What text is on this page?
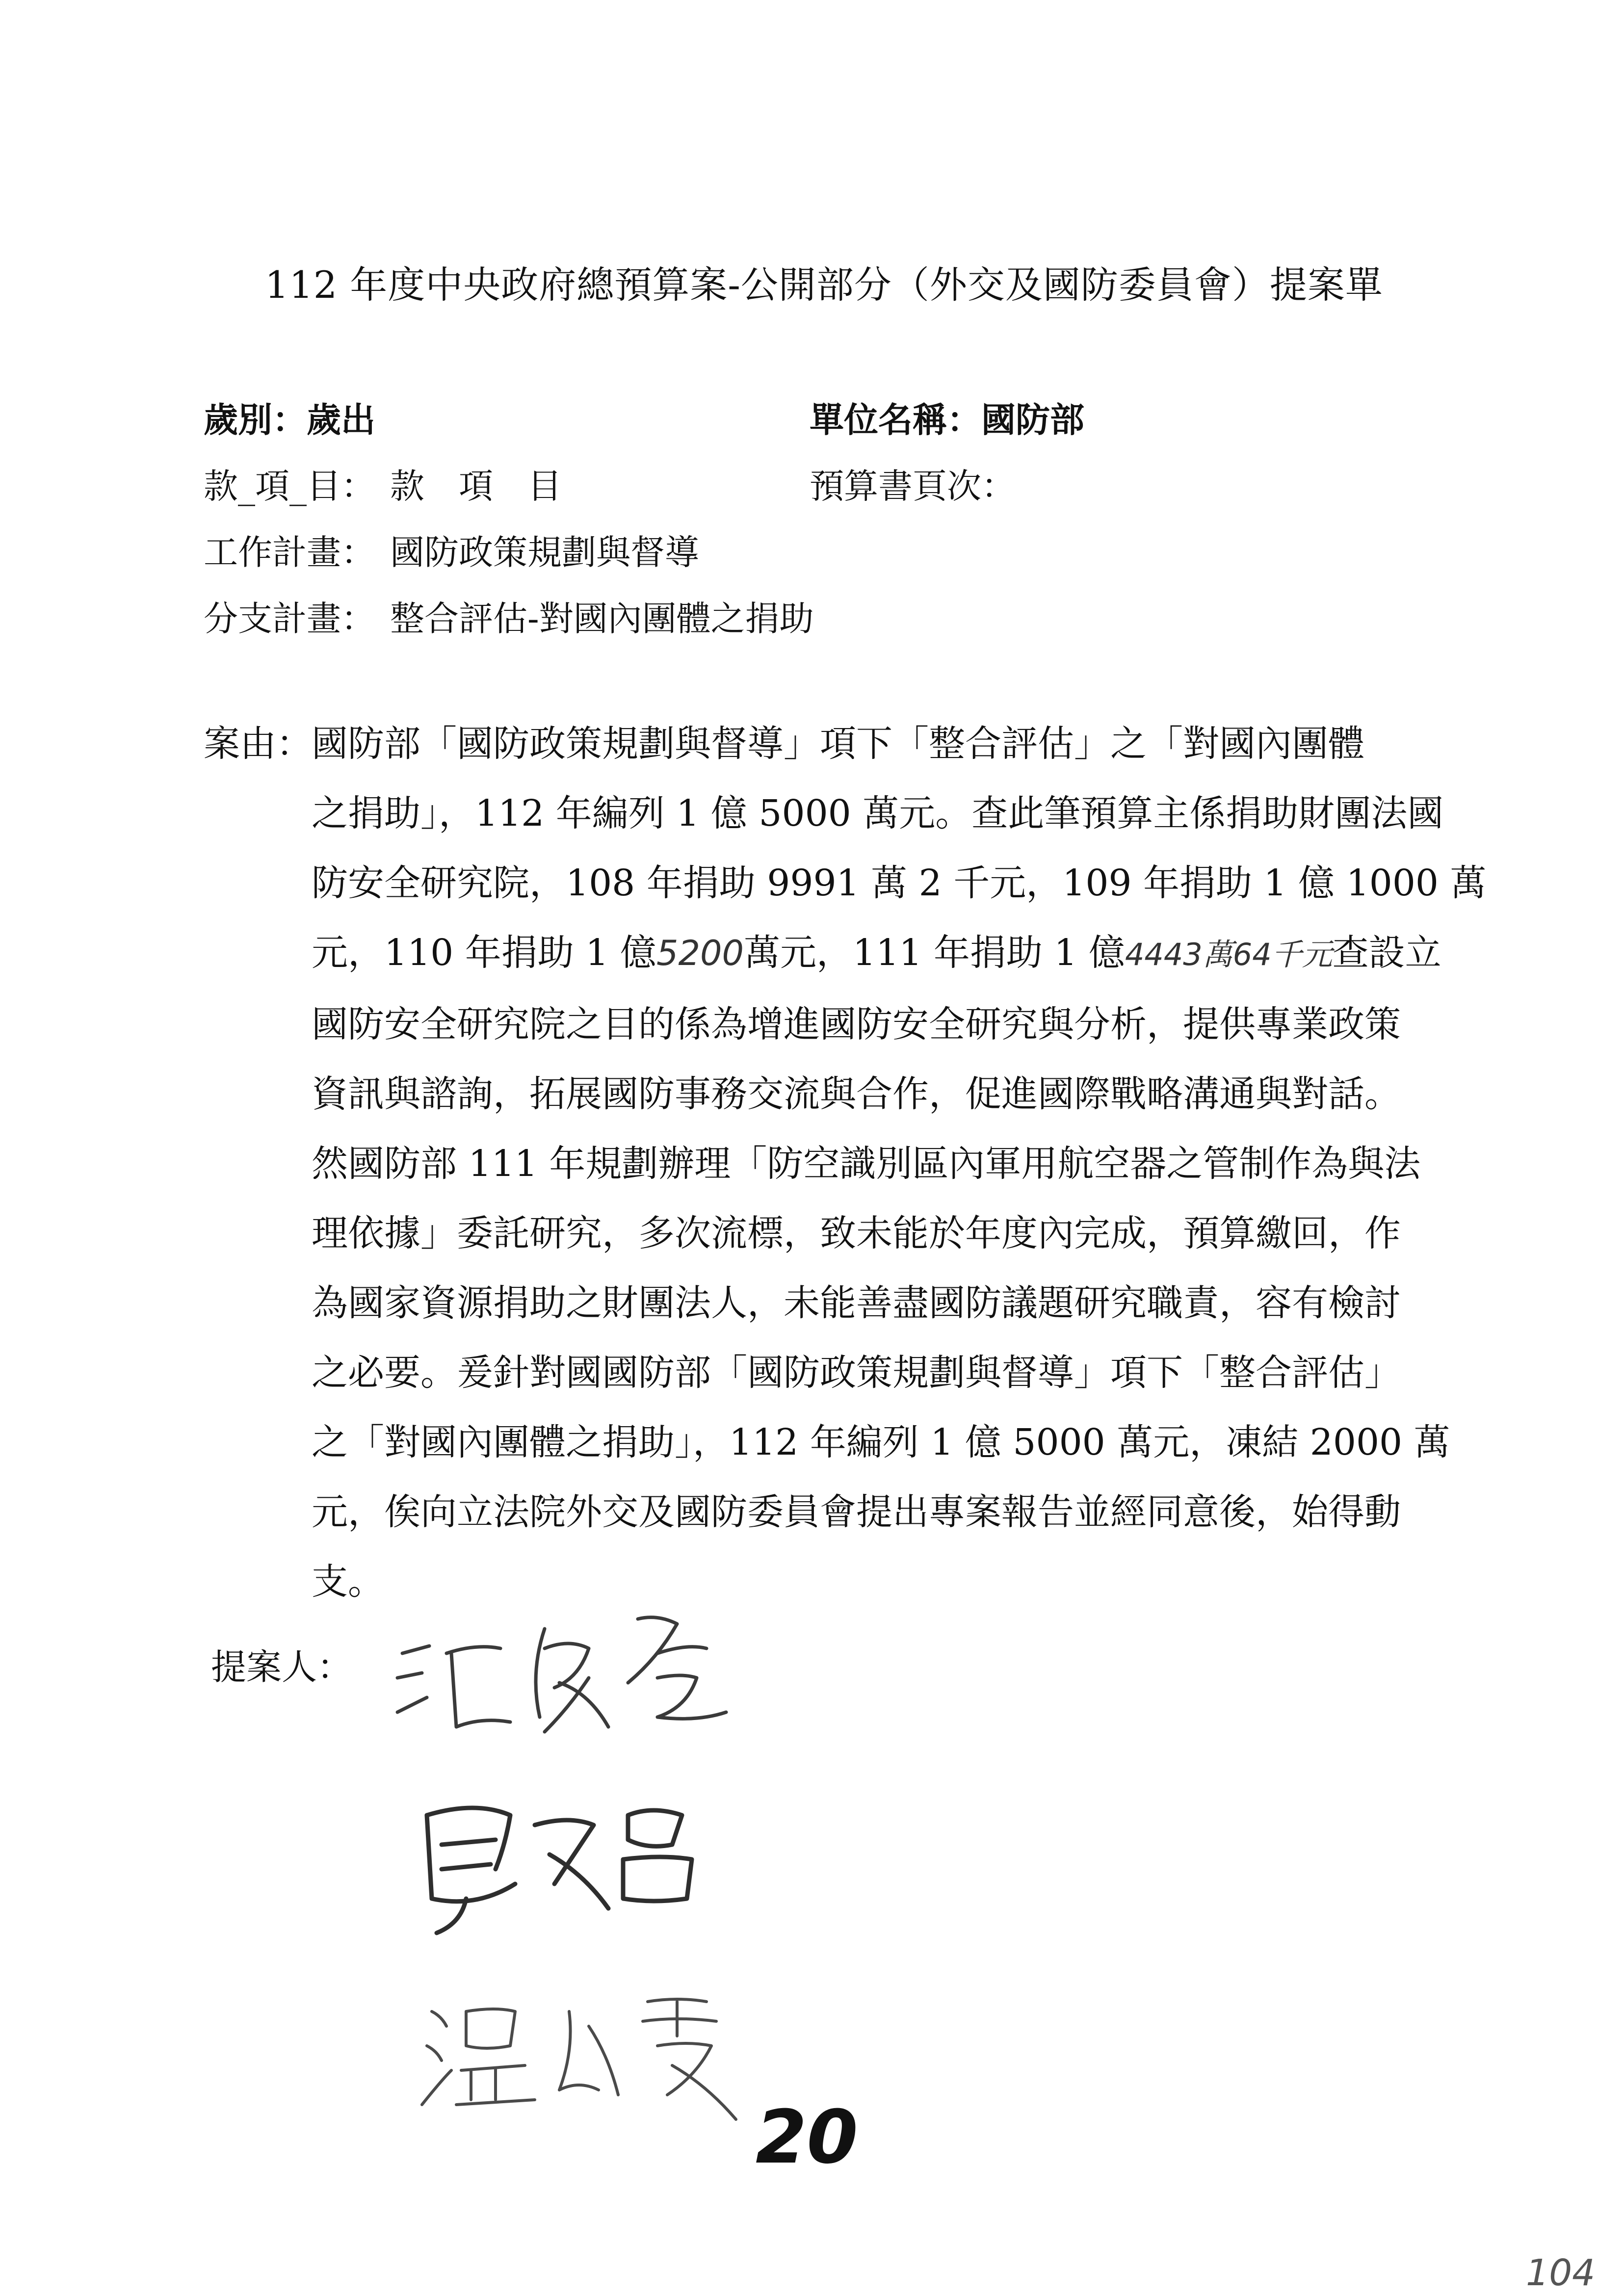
112 年度中央政府總預算案-公開部分（外交及國防委員會）提案單
歲別：歲出	單位名稱：國防部
款_項_目： 款　項　目	預算書頁次：
工作計畫： 國防政策規劃與督導
分支計畫： 整合評估-對國內團體之捐助
案由：
國防部「國防政策規劃與督導」項下「整合評估」之「對國內團體
之捐助」，112 年編列 1 億 5000 萬元。查此筆預算主係捐助財團法國
防安全研究院，108 年捐助 9991 萬 2 千元，109 年捐助 1 億 1000 萬
元，110 年捐助 1 億5200萬元，111 年捐助 1 億4443萬64千元查設立
國防安全研究院之目的係為增進國防安全研究與分析，提供專業政策
資訊與諮詢，拓展國防事務交流與合作，促進國際戰略溝通與對話。
然國防部 111 年規劃辦理「防空識別區內軍用航空器之管制作為與法
理依據」委託研究，多次流標，致未能於年度內完成，預算繳回，作
為國家資源捐助之財團法人，未能善盡國防議題研究職責，容有檢討
之必要。爰針對國國防部「國防政策規劃與督導」項下「整合評估」
之「對國內團體之捐助」，112 年編列 1 億 5000 萬元，凍結 2000 萬
元，俟向立法院外交及國防委員會提出專案報告並經同意後，始得動
支。
提案人：
20
104
